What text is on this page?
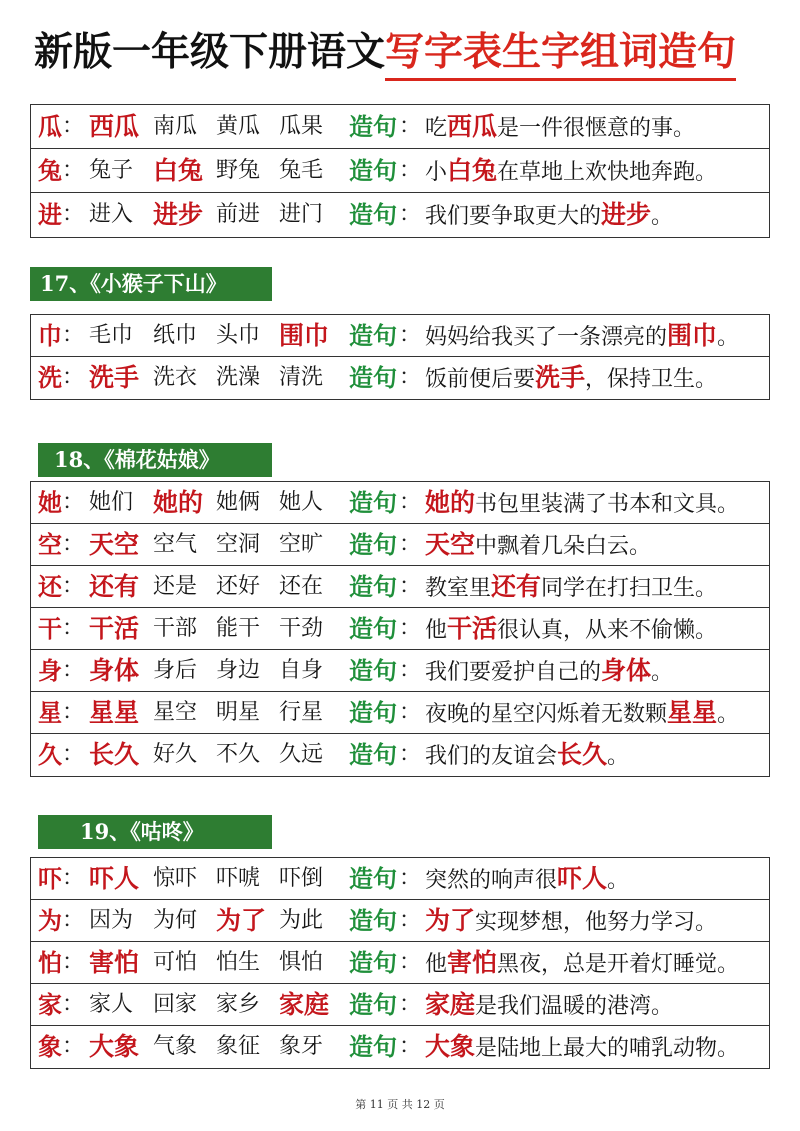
新版一年级下册语文写字表生字组词造句
瓜 ： 西瓜 南瓜 黄瓜 瓜果 造句 ： 吃西瓜是一件很惬意的事。
兔 ： 兔子 白兔 野兔 兔毛 造句 ： 小白兔在草地上欢快地奔跑。
进 ： 进入 进步 前进 进门 造句 ： 我们要争取更大的进步。
17、《小猴子下山》
巾 ： 毛巾 纸巾 头巾 围巾 造句 ： 妈妈给我买了一条漂亮的围巾。
洗 ： 洗手 洗衣 洗澡 清洗 造句 ： 饭前便后要洗手，保持卫生。
18、《棉花姑娘》
她 ： 她们 她的 她俩 她人 造句 ： 她的书包里装满了书本和文具。
空 ： 天空 空气 空洞 空旷 造句 ： 天空中飘着几朵白云。
还 ： 还有 还是 还好 还在 造句 ： 教室里还有同学在打扫卫生。
干 ： 干活 干部 能干 干劲 造句 ： 他干活很认真，从来不偷懒。
身 ： 身体 身后 身边 自身 造句 ： 我们要爱护自己的身体。
星 ： 星星 星空 明星 行星 造句 ： 夜晚的星空闪烁着无数颗星星。
久 ： 长久 好久 不久 久远 造句 ： 我们的友谊会长久。
19、《咕咚》
吓 ： 吓人 惊吓 吓唬 吓倒 造句 ： 突然的响声很吓人。
为 ： 因为 为何 为了 为此 造句 ： 为了实现梦想，他努力学习。
怕 ： 害怕 可怕 怕生 惧怕 造句 ： 他害怕黑夜，总是开着灯睡觉。
家 ： 家人 回家 家乡 家庭 造句 ： 家庭是我们温暖的港湾。
象 ： 大象 气象 象征 象牙 造句 ： 大象是陆地上最大的哺乳动物。
第 11 页 共 12 页
